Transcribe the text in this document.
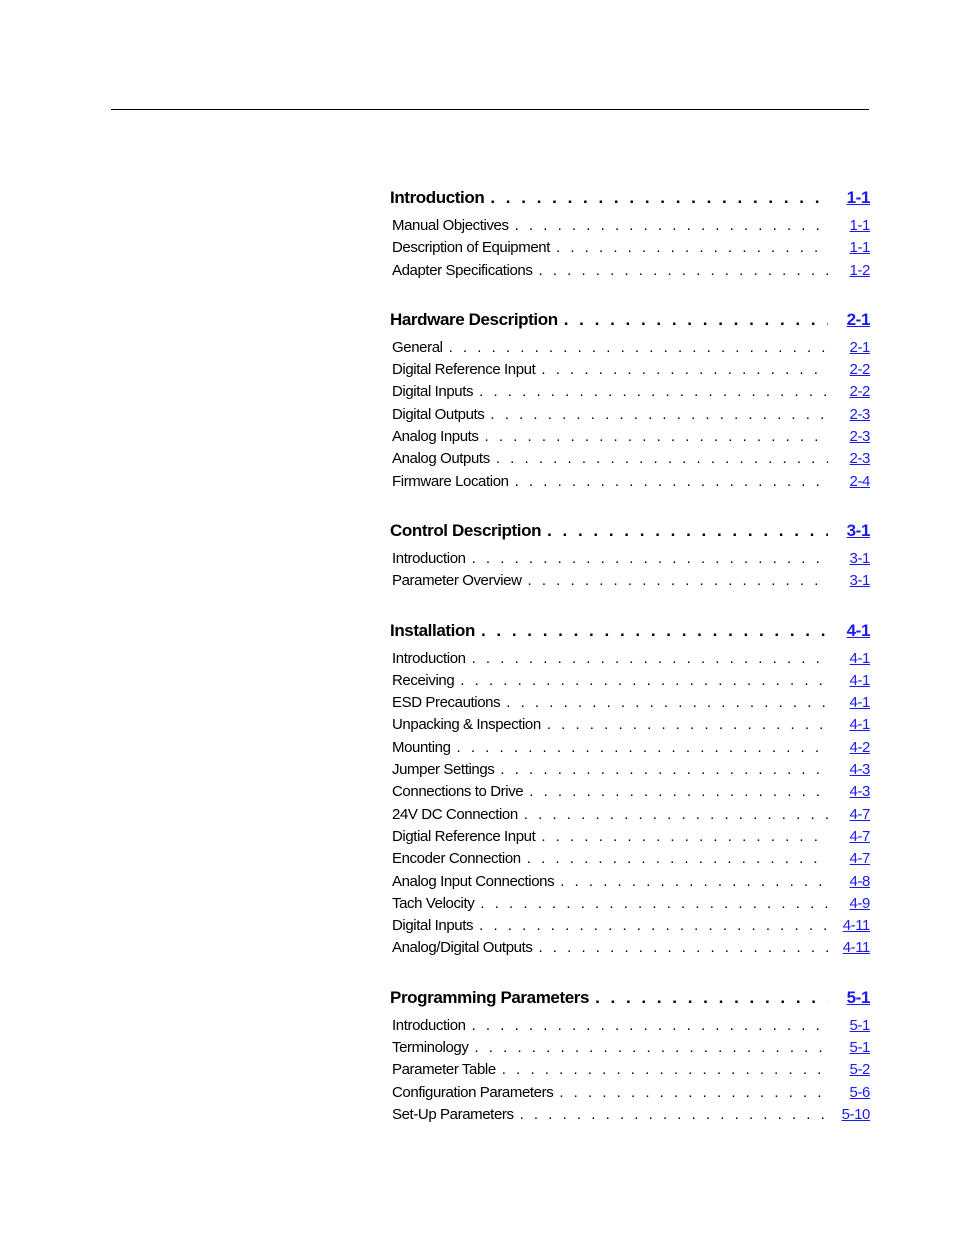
Introduction . . .	1-1
Manual Objectives . . .	1-1
Description of Equipment . . .	1-1
Adapter Specifications . . .	1-2
Hardware Description . . .	2-1
General . . .	2-1
Digital Reference Input . . .	2-2
Digital Inputs . . .	2-2
Digital Outputs . . .	2-3
Analog Inputs . . .	2-3
Analog Outputs . . .	2-3
Firmware Location . . .	2-4
Control Description . . .	3-1
Introduction . . .	3-1
Parameter Overview . . .	3-1
Installation . . .	4-1
Introduction . . .	4-1
Receiving . . .	4-1
ESD Precautions . . .	4-1
Unpacking & Inspection . . .	4-1
Mounting . . .	4-2
Jumper Settings . . .	4-3
Connections to Drive . . .	4-3
24V DC Connection . . .	4-7
Digtial Reference Input . . .	4-7
Encoder Connection . . .	4-7
Analog Input Connections . . .	4-8
Tach Velocity . . .	4-9
Digital Inputs . . .	4-11
Analog/Digital Outputs . . .	4-11
Programming Parameters . . .	5-1
Introduction . . .	5-1
Terminology . . .	5-1
Parameter Table . . .	5-2
Configuration Parameters . . .	5-6
Set-Up Parameters . . .	5-10
